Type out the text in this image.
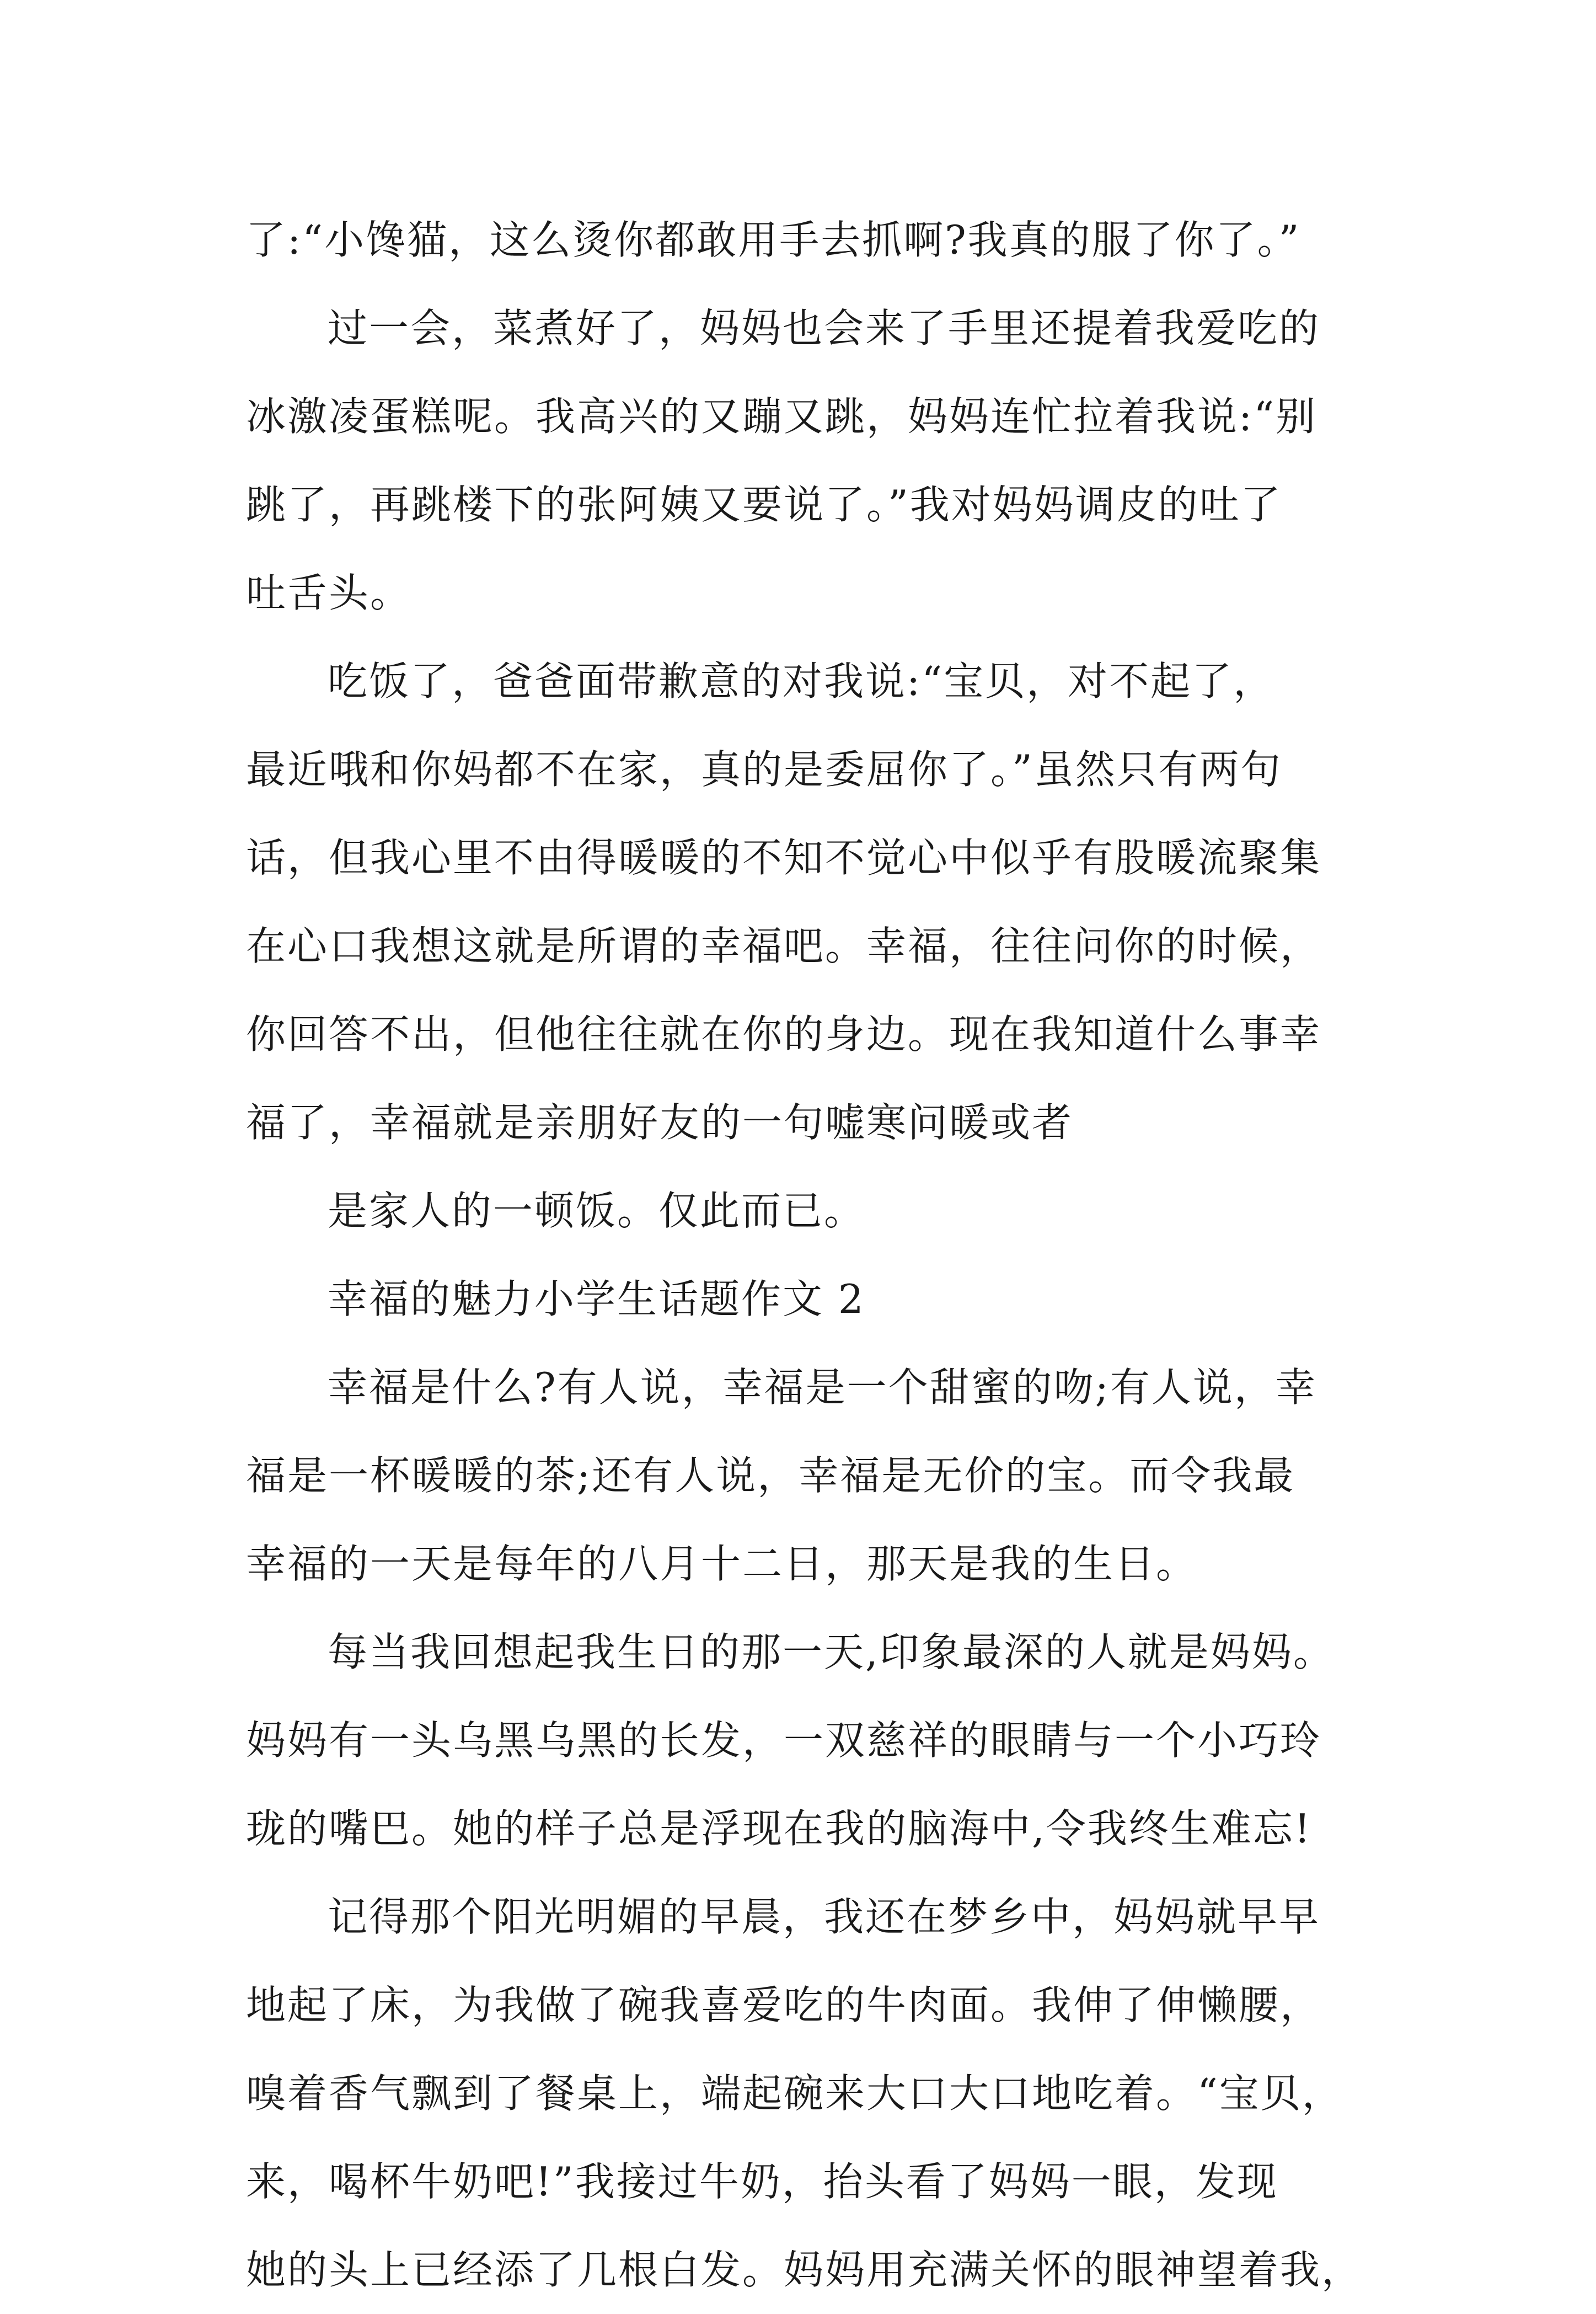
了:“小馋猫，这么烫你都敢用手去抓啊?我真的服了你了。”
过一会，菜煮好了，妈妈也会来了手里还提着我爱吃的
冰激凌蛋糕呢。我高兴的又蹦又跳，妈妈连忙拉着我说:“别
跳了，再跳楼下的张阿姨又要说了。”我对妈妈调皮的吐了
吐舌头。
吃饭了，爸爸面带歉意的对我说:“宝贝，对不起了，
最近哦和你妈都不在家，真的是委屈你了。”虽然只有两句
话，但我心里不由得暖暖的不知不觉心中似乎有股暖流聚集
在心口我想这就是所谓的幸福吧。幸福，往往问你的时候，
你回答不出，但他往往就在你的身边。现在我知道什么事幸
福了，幸福就是亲朋好友的一句嘘寒问暖或者
是家人的一顿饭。仅此而已。
幸福的魅力小学生话题作文 2
幸福是什么?有人说，幸福是一个甜蜜的吻;有人说，幸
福是一杯暖暖的茶;还有人说，幸福是无价的宝。而令我最
幸福的一天是每年的八月十二日，那天是我的生日。
每当我回想起我生日的那一天,印象最深的人就是妈妈。
妈妈有一头乌黑乌黑的长发，一双慈祥的眼睛与一个小巧玲
珑的嘴巴。她的样子总是浮现在我的脑海中,令我终生难忘!
记得那个阳光明媚的早晨，我还在梦乡中，妈妈就早早
地起了床，为我做了碗我喜爱吃的牛肉面。我伸了伸懒腰，
嗅着香气飘到了餐桌上，端起碗来大口大口地吃着。“宝贝，
来，喝杯牛奶吧!”我接过牛奶，抬头看了妈妈一眼，发现
她的头上已经添了几根白发。妈妈用充满关怀的眼神望着我，
